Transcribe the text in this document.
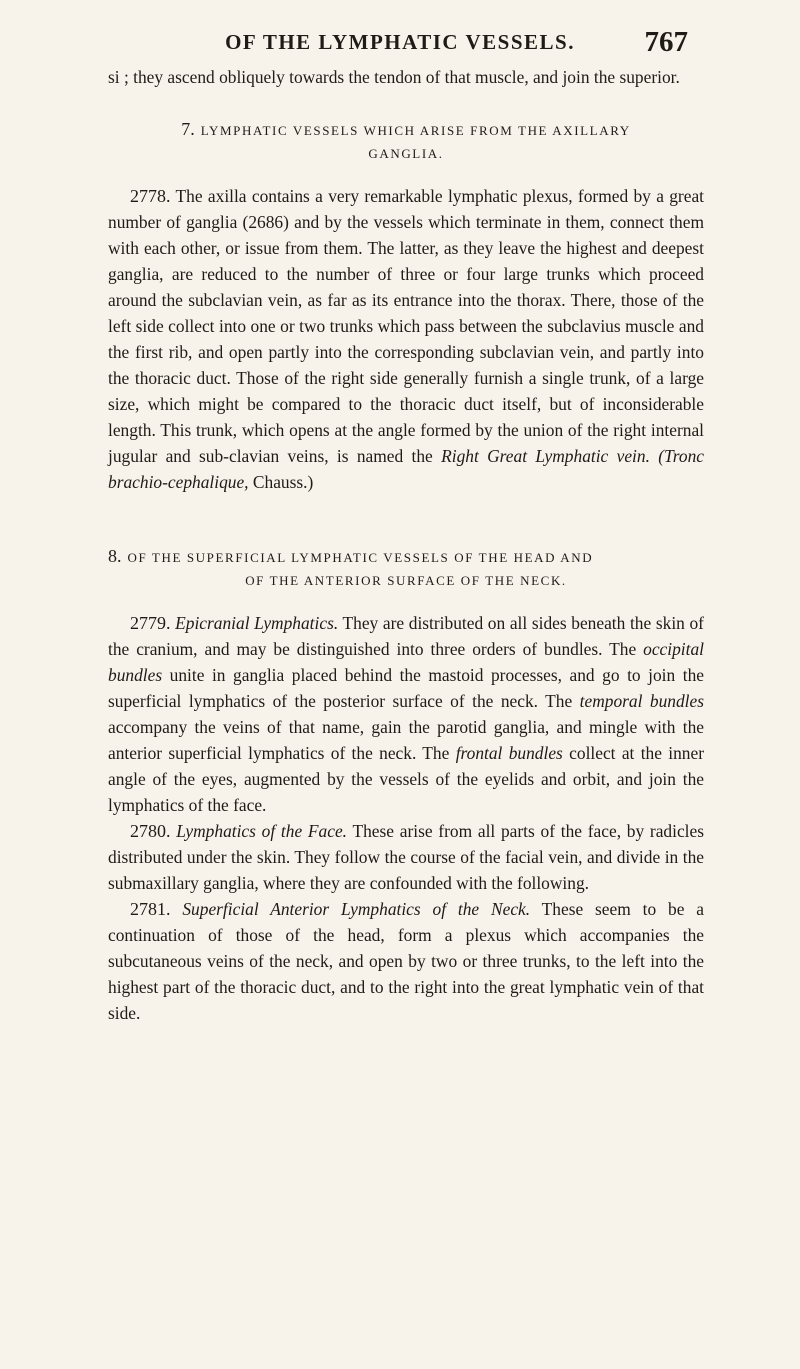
OF THE LYMPHATIC VESSELS.	767

si ; they ascend obliquely towards the tendon of that muscle, and join the superior.

7. LYMPHATIC VESSELS WHICH ARISE FROM THE AXILLARY
GANGLIA.

2778. The axilla contains a very remarkable lymphatic plexus, formed by a great number of ganglia (2686) and by the vessels which terminate in them, connect them with each other, or issue from them. The latter, as they leave the highest and deepest ganglia, are reduced to the number of three or four large trunks which proceed around the subclavian vein, as far as its entrance into the thorax. There, those of the left side collect into one or two trunks which pass between the subclavius muscle and the first rib, and open partly into the corresponding subclavian vein, and partly into the thoracic duct. Those of the right side generally furnish a single trunk, of a large size, which might be compared to the thoracic duct itself, but of inconsiderable length. This trunk, which opens at the angle formed by the union of the right internal jugular and sub-clavian veins, is named the Right Great Lymphatic vein. (Tronc brachio-cephalique, Chauss.)

8. OF THE SUPERFICIAL LYMPHATIC VESSELS OF THE HEAD AND
OF THE ANTERIOR SURFACE OF THE NECK.

2779. Epicranial Lymphatics. They are distributed on all sides beneath the skin of the cranium, and may be distinguished into three orders of bundles. The occipital bundles unite in ganglia placed behind the mastoid processes, and go to join the superficial lymphatics of the posterior surface of the neck. The temporal bundles accompany the veins of that name, gain the parotid ganglia, and mingle with the anterior superficial lymphatics of the neck. The frontal bundles collect at the inner angle of the eyes, augmented by the vessels of the eyelids and orbit, and join the lymphatics of the face.

2780. Lymphatics of the Face. These arise from all parts of the face, by radicles distributed under the skin. They follow the course of the facial vein, and divide in the submaxillary ganglia, where they are confounded with the following.

2781. Superficial Anterior Lymphatics of the Neck. These seem to be a continuation of those of the head, form a plexus which accompanies the subcutaneous veins of the neck, and open by two or three trunks, to the left into the highest part of the thoracic duct, and to the right into the great lymphatic vein of that side.
